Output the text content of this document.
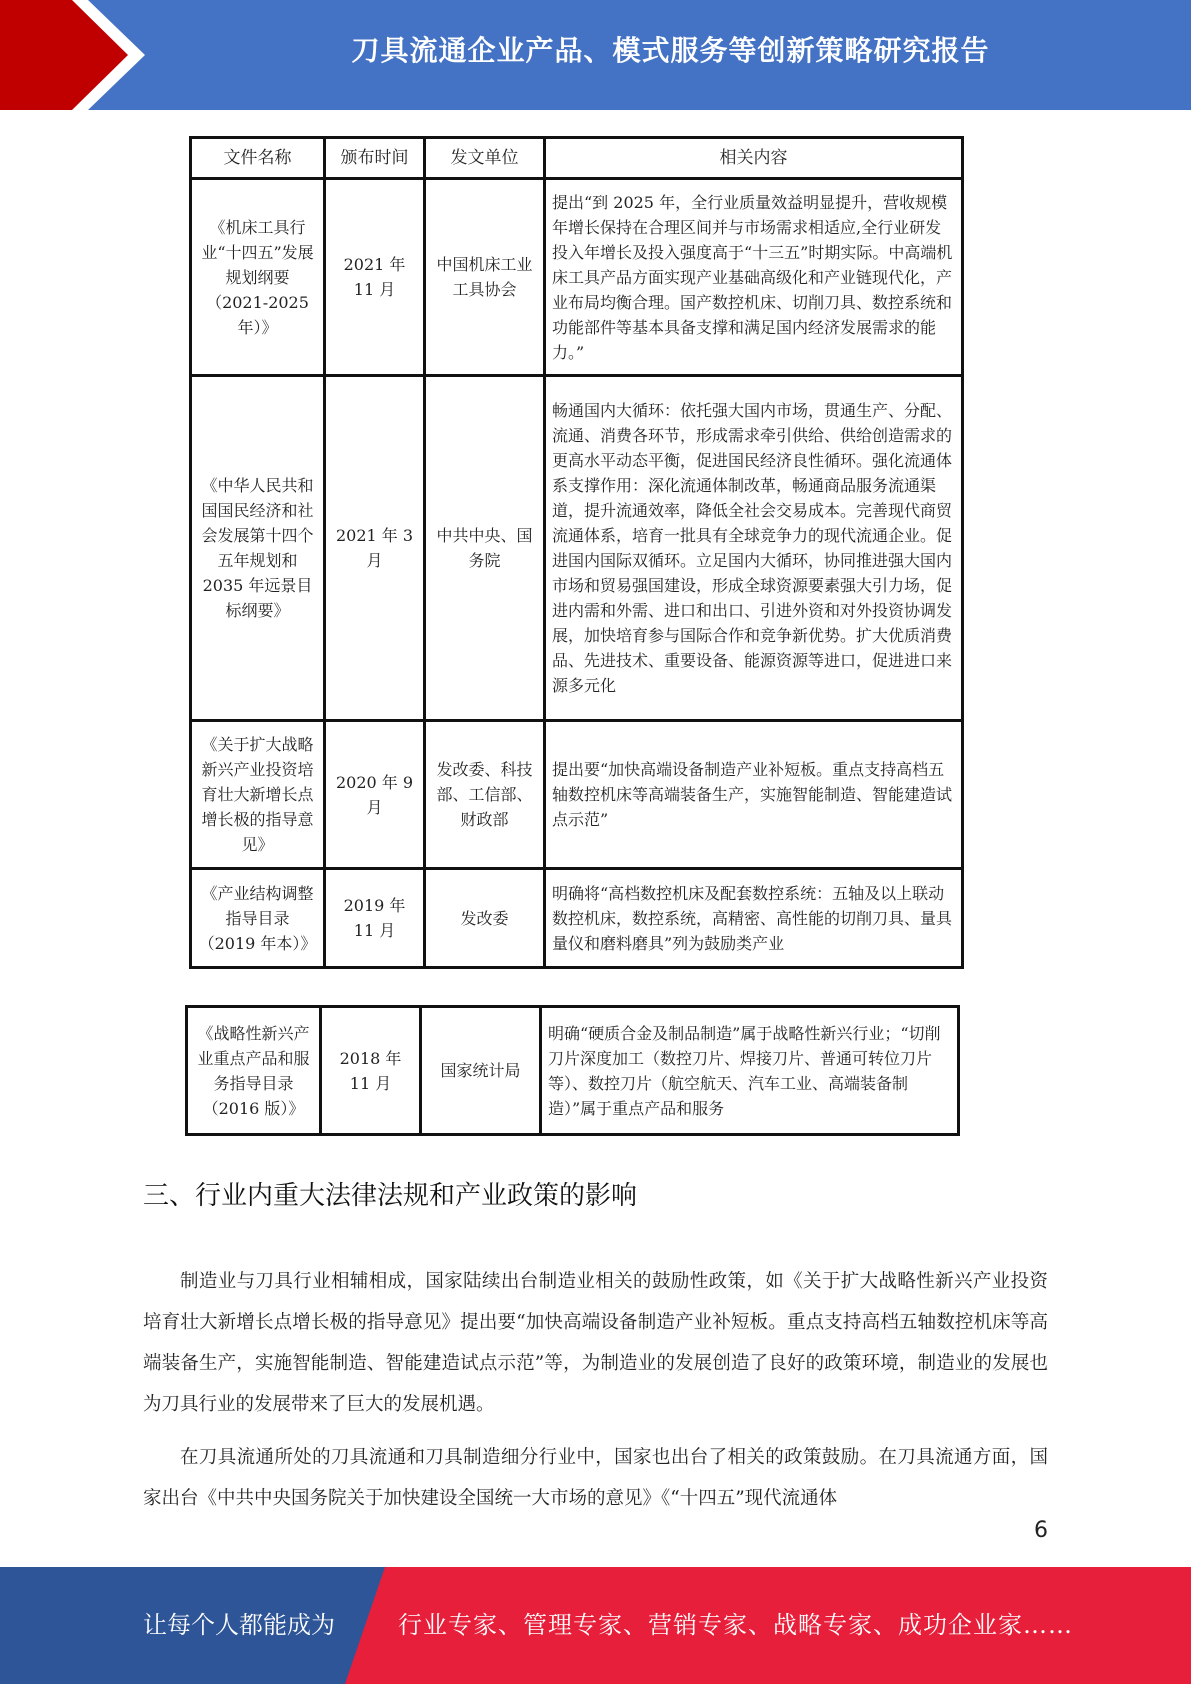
刀具流通企业产品、模式服务等创新策略研究报告
文件名称	颁布时间	发文单位	相关内容
《机床工具行业“十四五”发展规划纲要（2021-2025年）》	2021 年 11 月	中国机床工业工具协会	提出“到 2025 年，全行业质量效益明显提升，营收规模年增长保持在合理区间并与市场需求相适应,全行业研发投入年增长及投入强度高于“十三五”时期实际。中高端机床工具产品方面实现产业基础高级化和产业链现代化，产业布局均衡合理。国产数控机床、切削刀具、数控系统和功能部件等基本具备支撑和满足国内经济发展需求的能力。”
《中华人民共和国国民经济和社会发展第十四个五年规划和 2035 年远景目标纲要》	2021 年 3 月	中共中央、国务院	畅通国内大循环：依托强大国内市场，贯通生产、分配、流通、消费各环节，形成需求牵引供给、供给创造需求的更高水平动态平衡，促进国民经济良性循环。强化流通体系支撑作用：深化流通体制改革，畅通商品服务流通渠道，提升流通效率，降低全社会交易成本。完善现代商贸流通体系，培育一批具有全球竞争力的现代流通企业。促进国内国际双循环。立足国内大循环，协同推进强大国内市场和贸易强国建设，形成全球资源要素强大引力场，促进内需和外需、进口和出口、引进外资和对外投资协调发展，加快培育参与国际合作和竞争新优势。扩大优质消费品、先进技术、重要设备、能源资源等进口，促进进口来源多元化
《关于扩大战略新兴产业投资培育壮大新增长点增长极的指导意见》	2020 年 9 月	发改委、科技部、工信部、财政部	提出要“加快高端设备制造产业补短板。重点支持高档五轴数控机床等高端装备生产，实施智能制造、智能建造试点示范”
《产业结构调整指导目录（2019 年本）》	2019 年 11 月	发改委	明确将“高档数控机床及配套数控系统：五轴及以上联动数控机床，数控系统，高精密、高性能的切削刀具、量具量仪和磨料磨具”列为鼓励类产业
《战略性新兴产业重点产品和服务指导目录（2016 版）》	2018 年 11 月	国家统计局	明确“硬质合金及制品制造”属于战略性新兴行业；“切削刀片深度加工（数控刀片、焊接刀片、普通可转位刀片等）、数控刀片（航空航天、汽车工业、高端装备制造）”属于重点产品和服务
三、行业内重大法律法规和产业政策的影响

制造业与刀具行业相辅相成，国家陆续出台制造业相关的鼓励性政策，如《关于扩大战略性新兴产业投资培育壮大新增长点增长极的指导意见》提出要“加快高端设备制造产业补短板。重点支持高档五轴数控机床等高端装备生产，实施智能制造、智能建造试点示范”等，为制造业的发展创造了良好的政策环境，制造业的发展也为刀具行业的发展带来了巨大的发展机遇。

在刀具流通所处的刀具流通和刀具制造细分行业中，国家也出台了相关的政策鼓励。在刀具流通方面，国家出台《中共中央国务院关于加快建设全国统一大市场的意见》《“十四五”现代流通体

6
让每个人都能成为	行业专家、管理专家、营销专家、战略专家、成功企业家……
